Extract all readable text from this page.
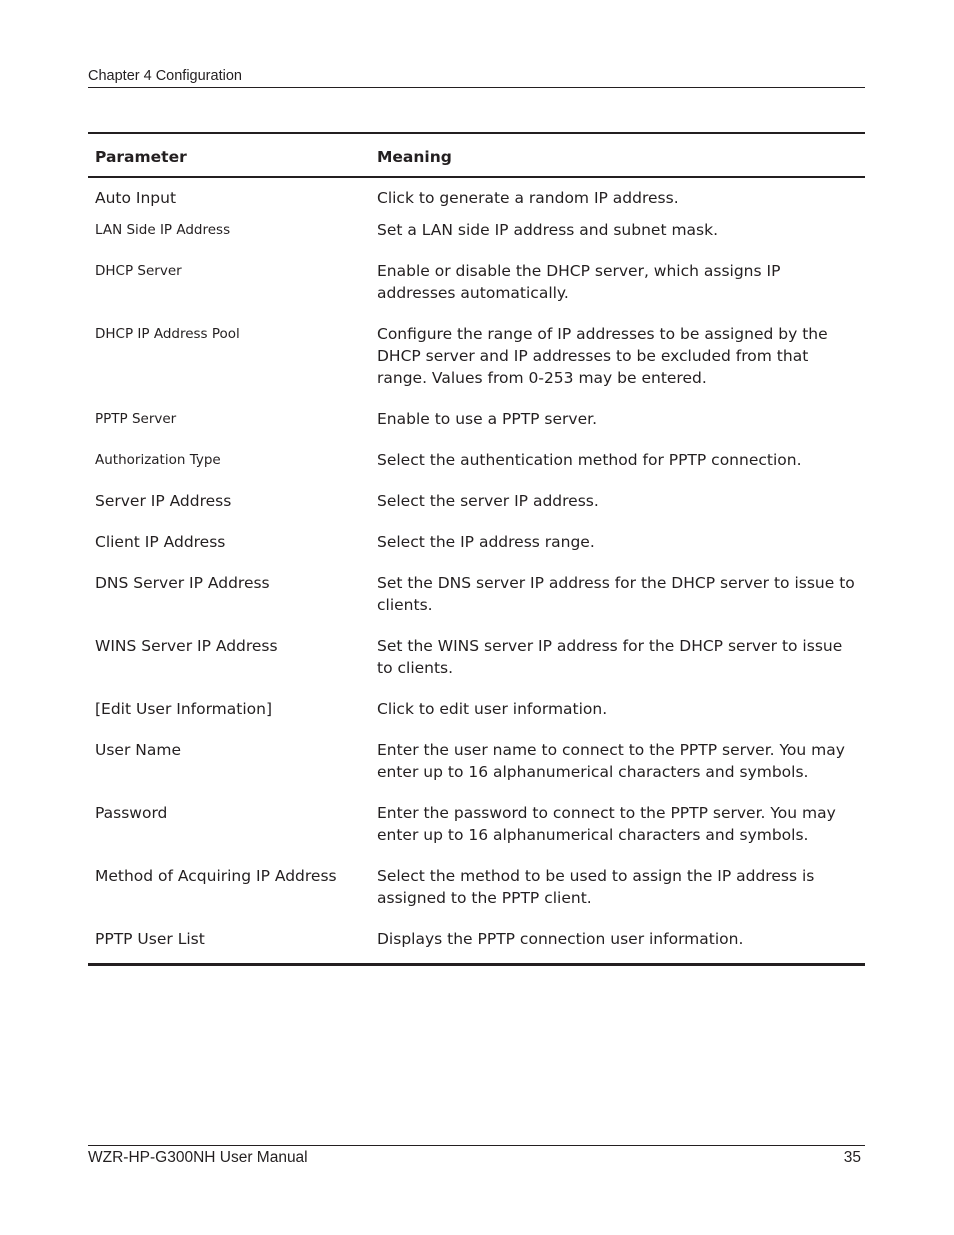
Chapter 4 Configuration
Parameter	Meaning
Auto Input	Click to generate a random IP address.
LAN Side IP Address	Set a LAN side IP address and subnet mask.
DHCP Server	Enable or disable the DHCP server, which assigns IP addresses automatically.
DHCP IP Address Pool	Configure the range of IP addresses to be assigned by the DHCP server and IP addresses to be excluded from that range. Values from 0-253 may be entered.
PPTP Server	Enable to use a PPTP server.
Authorization Type	Select the authentication method for PPTP connection.
Server IP Address	Select the server IP address.
Client IP Address	Select the IP address range.
DNS Server IP Address	Set the DNS server IP address for the DHCP server to issue to clients.
WINS Server IP Address	Set the WINS server IP address for the DHCP server to issue to clients.
[Edit User Information]	Click to edit user information.
User Name	Enter the user name to connect to the PPTP server. You may enter up to 16 alphanumerical characters and symbols.
Password	Enter the password to connect to the PPTP server. You may enter up to 16 alphanumerical characters and symbols.
Method of Acquiring IP Address	Select the method to be used to assign the IP address is assigned to the PPTP client.
PPTP User List	Displays the PPTP connection user information.
WZR-HP-G300NH User Manual	35
